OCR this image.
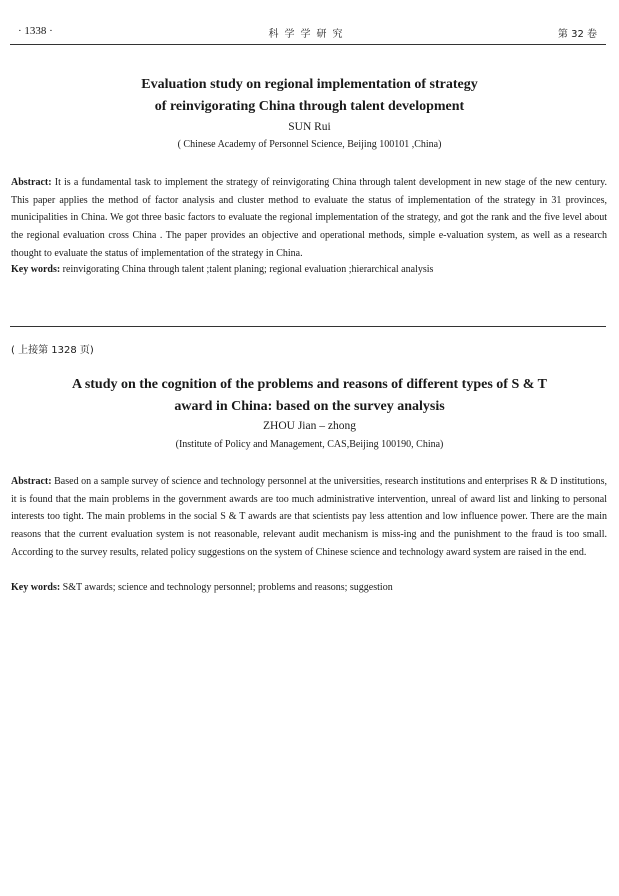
· 1338 ·	科学学研究	第 32 卷
Evaluation study on regional implementation of strategy
of reinvigorating China through talent development
SUN Rui
( Chinese Academy of Personnel Science, Beijing 100101 ,China)
Abstract: It is a fundamental task to implement the strategy of reinvigorating China through talent development in new stage of the new century. This paper applies the method of factor analysis and cluster method to evaluate the status of implementation of the strategy in 31 provinces, municipalities in China. We got three basic factors to evaluate the regional implementation of the strategy, and got the rank and the five level about the regional evaluation cross China . The paper provides an objective and operational methods, simple e-valuation system, as well as a research thought to evaluate the status of implementation of the strategy in China.
Key words: reinvigorating China through talent ;talent planing; regional evaluation ;hierarchical analysis
( 上接第 1328 页)
A study on the cognition of the problems and reasons of different types of S & T
award in China: based on the survey analysis
ZHOU Jian – zhong
(Institute of Policy and Management, CAS,Beijing 100190, China)
Abstract: Based on a sample survey of science and technology personnel at the universities, research institutions and enterprises R & D institutions, it is found that the main problems in the government awards are too much administrative intervention, unreal of award list and linking to personal interests too tight. The main problems in the social S & T awards are that scientists pay less attention and low influence power. There are the main reasons that the current evaluation system is not reasonable, relevant audit mechanism is miss-ing and the punishment to the fraud is too small. According to the survey results, related policy suggestions on the system of Chinese science and technology award system are raised in the end.
Key words: S&T awards; science and technology personnel; problems and reasons; suggestion
